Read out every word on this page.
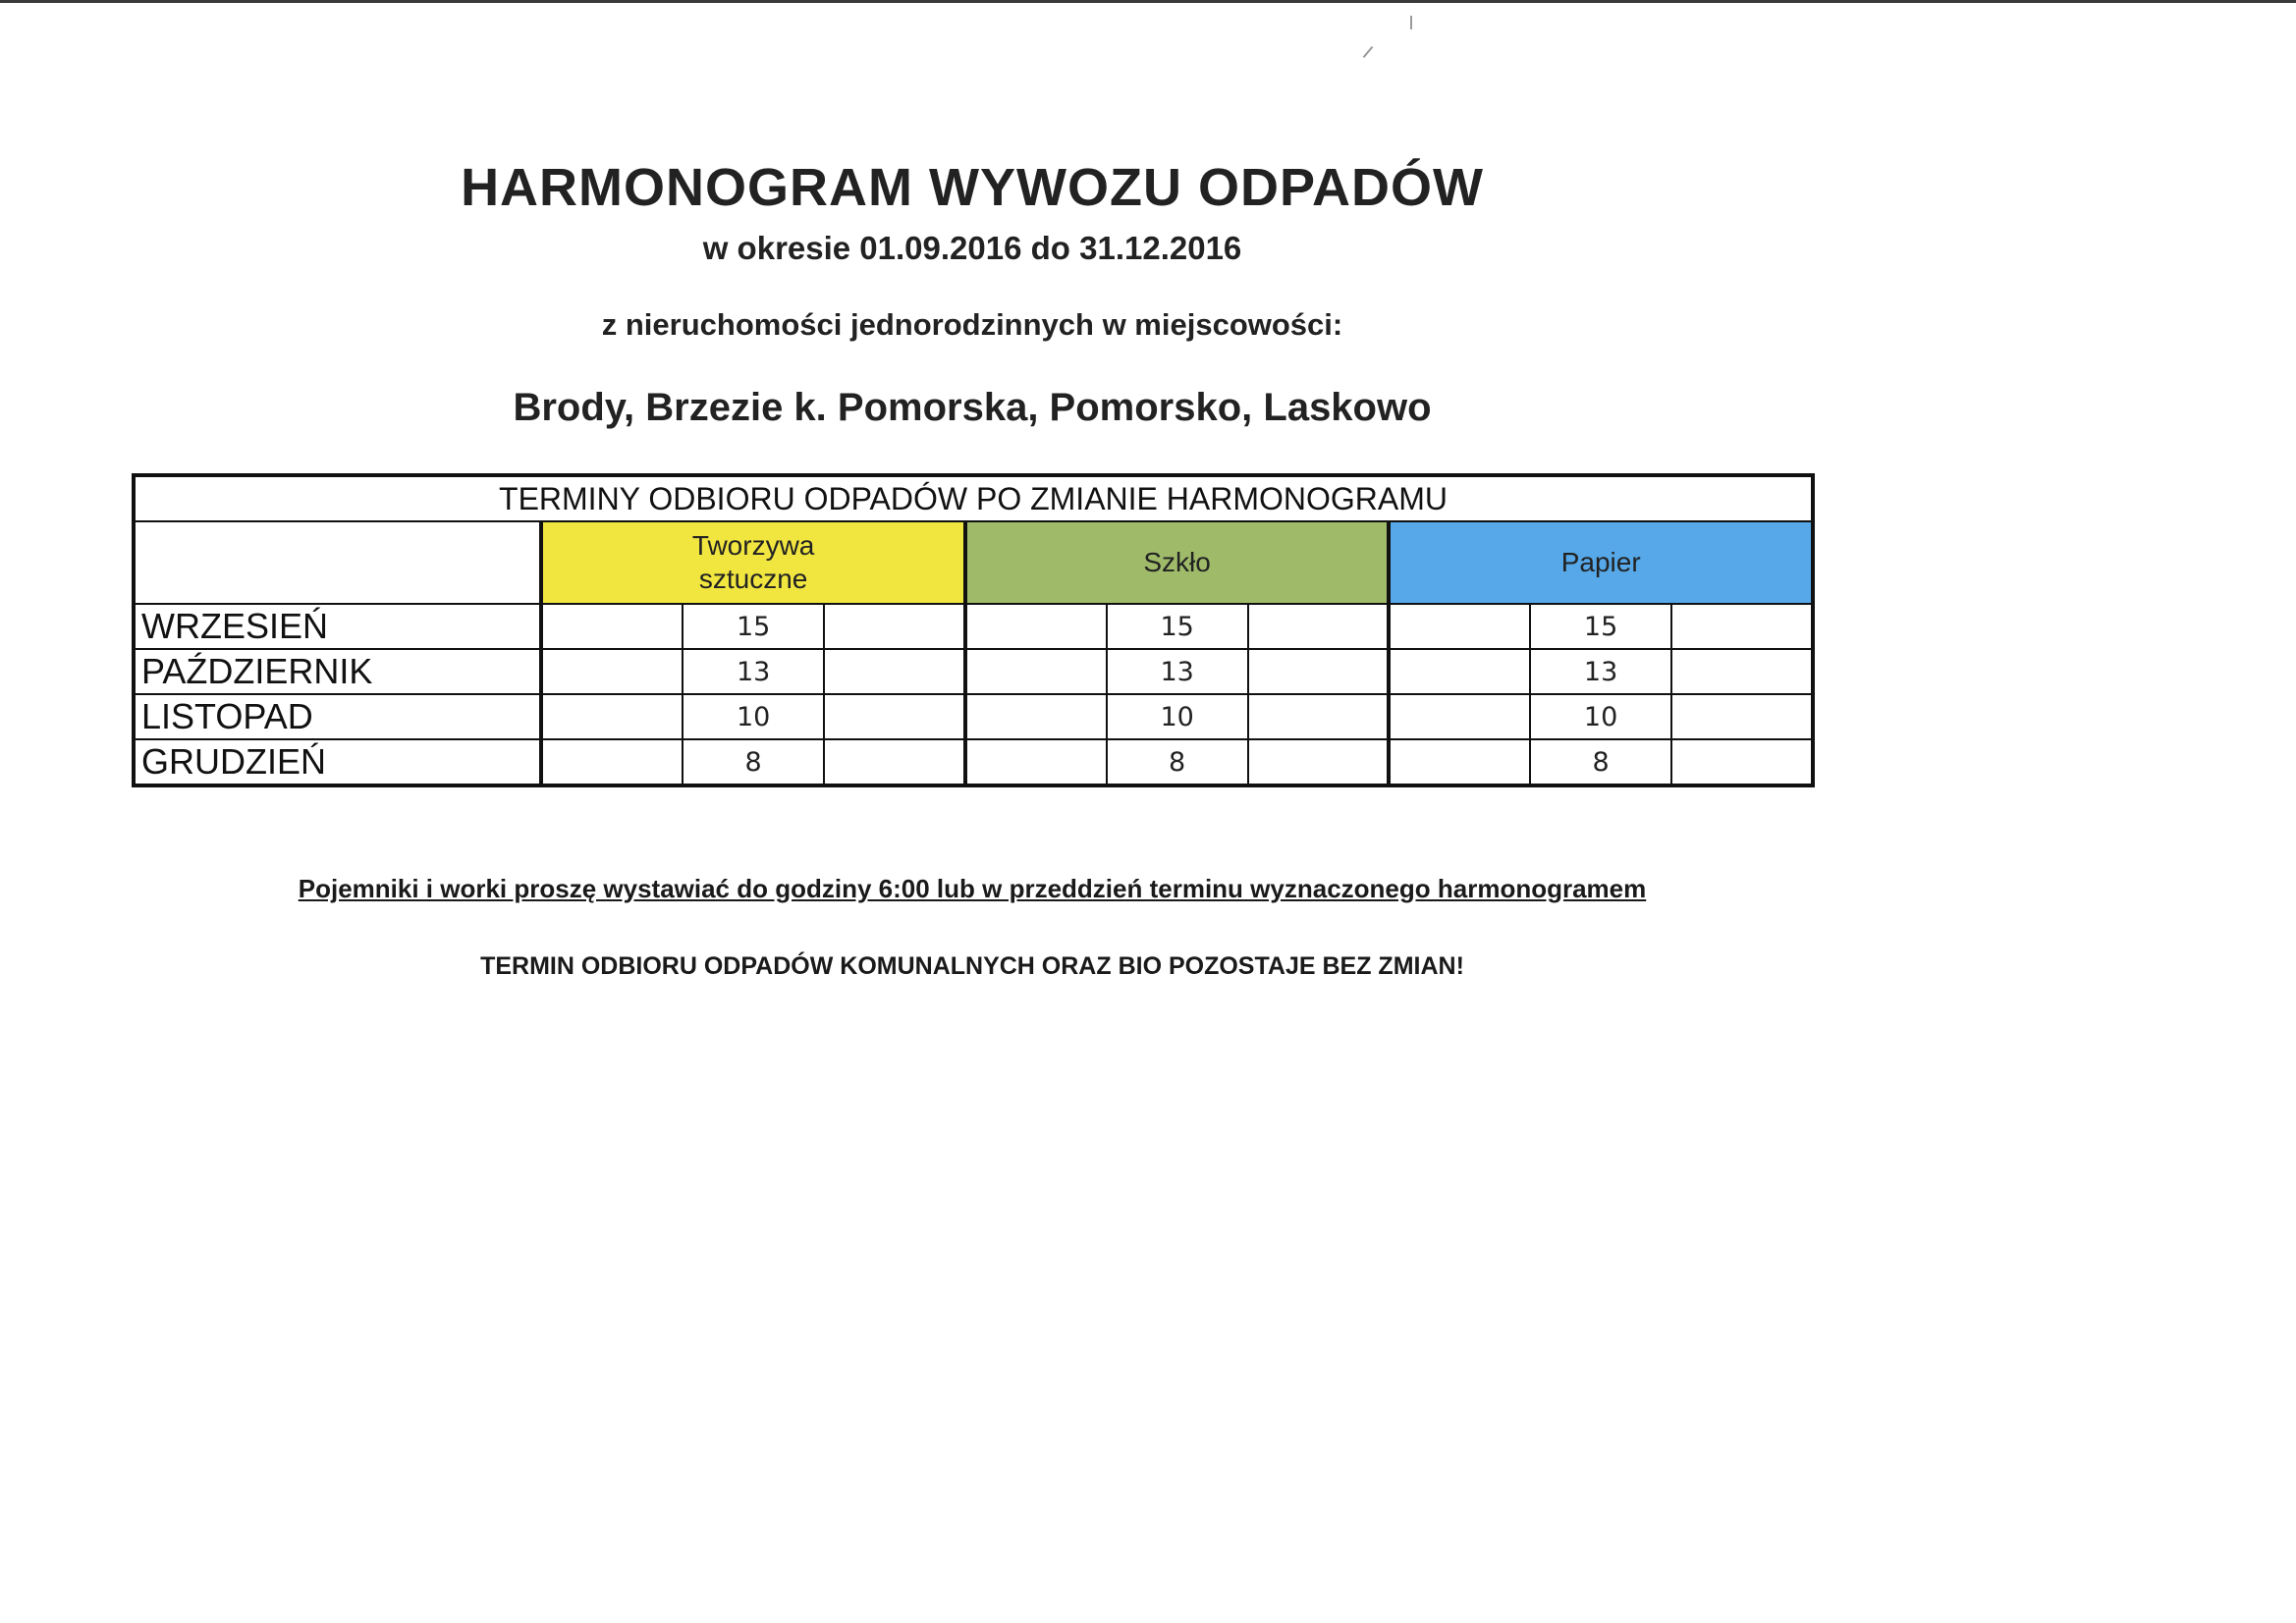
HARMONOGRAM WYWOZU ODPADÓW
w okresie 01.09.2016 do 31.12.2016
z nieruchomości jednorodzinnych w miejscowości:
Brody, Brzezie k. Pomorska, Pomorsko, Laskowo
TERMINY ODBIORU ODPADÓW PO ZMIANIE HARMONOGRAMU									
	Tworzywa
sztuczne			Szkło			Papier		
WRZESIEŃ		15			15			15	
PAŹDZIERNIK		13			13			13	
LISTOPAD		10			10			10	
GRUDZIEŃ		8			8			8	
Pojemniki i worki proszę wystawiać do godziny 6:00 lub w przeddzień terminu wyznaczonego harmonogramem
TERMIN ODBIORU ODPADÓW KOMUNALNYCH ORAZ BIO POZOSTAJE BEZ ZMIAN!
